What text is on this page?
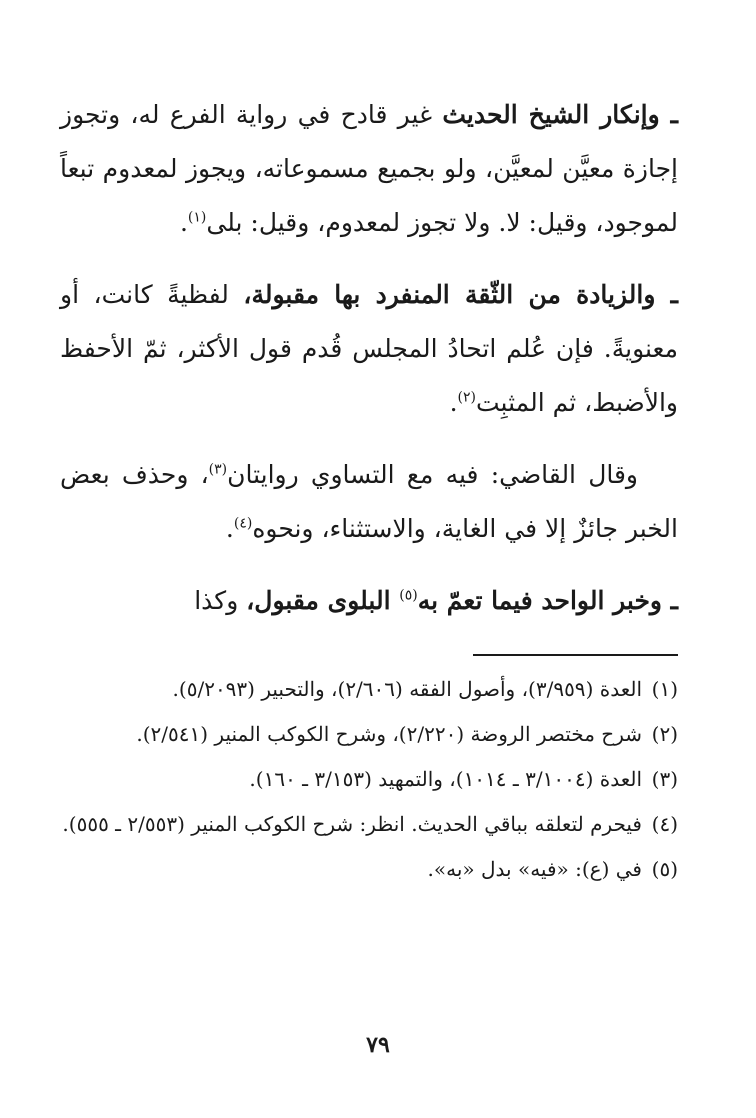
ـ وإنكار الشيخ الحديث غير قادح في رواية الفرع له، وتجوز إجازة معيَّن لمعيَّن، ولو بجميع مسموعاته، ويجوز لمعدوم تبعاً لموجود، وقيل: لا. ولا تجوز لمعدوم، وقيل: بلى$^{(١)}$.

ـ والزيادة من الثّقة المنفرد بها مقبولة، لفظيةً كانت، أو معنويةً. فإن عُلم اتحادُ المجلس قُدم قول الأكثر، ثمّ الأحفظ والأضبط، ثم المثبِت$^{(٢)}$.

وقال القاضي: فيه مع التساوي روايتان$^{(٣)}$، وحذف بعض الخبر جائزٌ إلا في الغاية، والاستثناء، ونحوه$^{(٤)}$.

ـ وخبر الواحد فيما تعمّ به$^{(٥)}$ البلوى مقبول، وكذا

(١)
العدة (٣/٩٥٩)، وأصول الفقه (٢/٦٠٦)، والتحبير (٥/٢٠٩٣).
(٢)
شرح مختصر الروضة (٢/٢٢٠)، وشرح الكوكب المنير (٢/٥٤١).
(٣)
العدة (٣/١٠٠٤ ـ ١٠١٤)، والتمهيد (٣/١٥٣ ـ ١٦٠).
(٤)
فيحرم لتعلقه بباقي الحديث. انظر: شرح الكوكب المنير (٢/٥٥٣ ـ ٥٥٥).
(٥)
في (ع): «فيه» بدل «به».
٧٩
